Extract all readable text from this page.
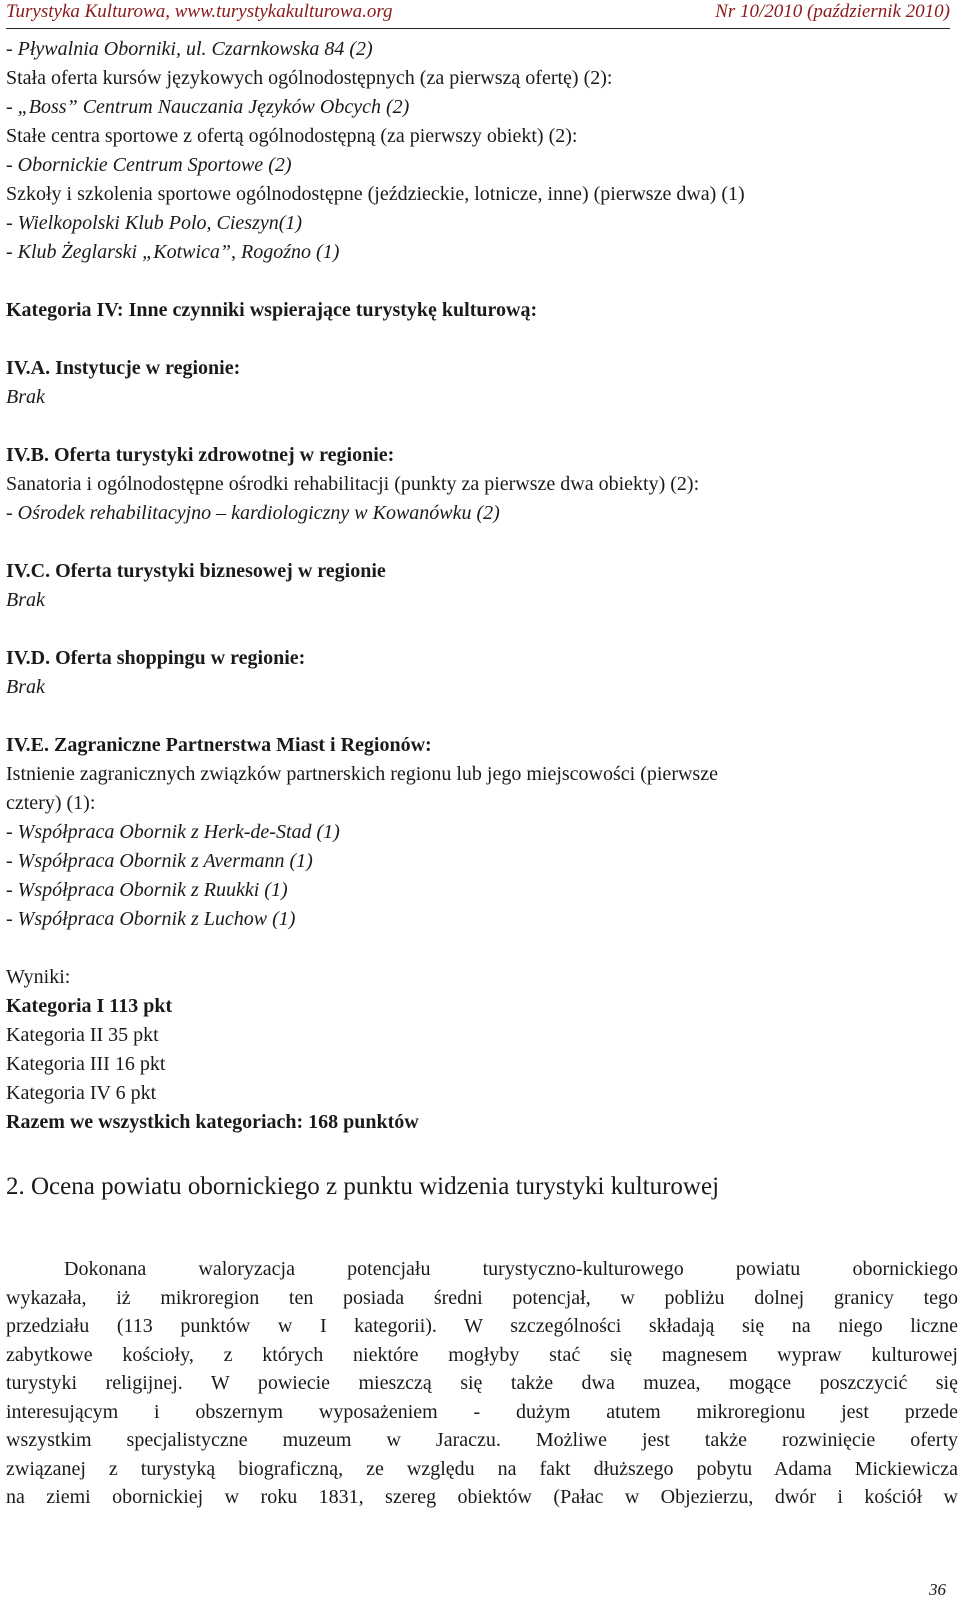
Turystyka Kulturowa, www.turystykakulturowa.org	Nr 10/2010 (październik 2010)
- Pływalnia Oborniki, ul. Czarnkowska 84 (2)
Stała oferta kursów językowych ogólnodostępnych (za pierwszą ofertę) (2):
- „Boss” Centrum Nauczania Języków Obcych (2)
Stałe centra sportowe z ofertą ogólnodostępną (za pierwszy obiekt) (2):
- Obornickie Centrum Sportowe (2)
Szkoły i szkolenia sportowe ogólnodostępne (jeździeckie, lotnicze, inne) (pierwsze dwa) (1)
- Wielkopolski Klub Polo, Cieszyn(1)
- Klub Żeglarski „Kotwica”, Rogoźno (1)
Kategoria IV: Inne czynniki wspierające turystykę kulturową:
IV.A. Instytucje w regionie:
Brak
IV.B. Oferta turystyki zdrowotnej w regionie:
Sanatoria i ogólnodostępne ośrodki rehabilitacji (punkty za pierwsze dwa obiekty) (2):
- Ośrodek rehabilitacyjno – kardiologiczny w Kowanówku (2)
IV.C. Oferta turystyki biznesowej w regionie
Brak
IV.D. Oferta shoppingu w regionie:
Brak
IV.E. Zagraniczne Partnerstwa Miast i Regionów:
Istnienie zagranicznych związków partnerskich regionu lub jego miejscowości (pierwsze
cztery) (1):
- Współpraca Obornik z Herk-de-Stad (1)
- Współpraca Obornik z Avermann (1)
- Współpraca Obornik z Ruukki (1)
- Współpraca Obornik z Luchow (1)
Wyniki:
Kategoria I 113 pkt
Kategoria II 35 pkt
Kategoria III 16 pkt
Kategoria IV 6 pkt
Razem we wszystkich kategoriach: 168 punktów
2. Ocena powiatu obornickiego z punktu widzenia turystyki kulturowej
Dokonana waloryzacja potencjału turystyczno-kulturowego powiatu obornickiego
wykazała, iż mikroregion ten posiada średni potencjał, w pobliżu dolnej granicy tego
przedziału (113 punktów w I kategorii). W szczególności składają się na niego liczne
zabytkowe kościoły, z których niektóre mogłyby stać się magnesem wypraw kulturowej
turystyki religijnej. W powiecie mieszczą się także dwa muzea, mogące poszczycić się
interesującym i obszernym wyposażeniem - dużym atutem mikroregionu jest przede
wszystkim specjalistyczne muzeum w Jaraczu. Możliwe jest także rozwinięcie oferty
związanej z turystyką biograficzną, ze względu na fakt dłuższego pobytu Adama Mickiewicza
na ziemi obornickiej w roku 1831, szereg obiektów (Pałac w Objezierzu, dwór i kościół w
36
